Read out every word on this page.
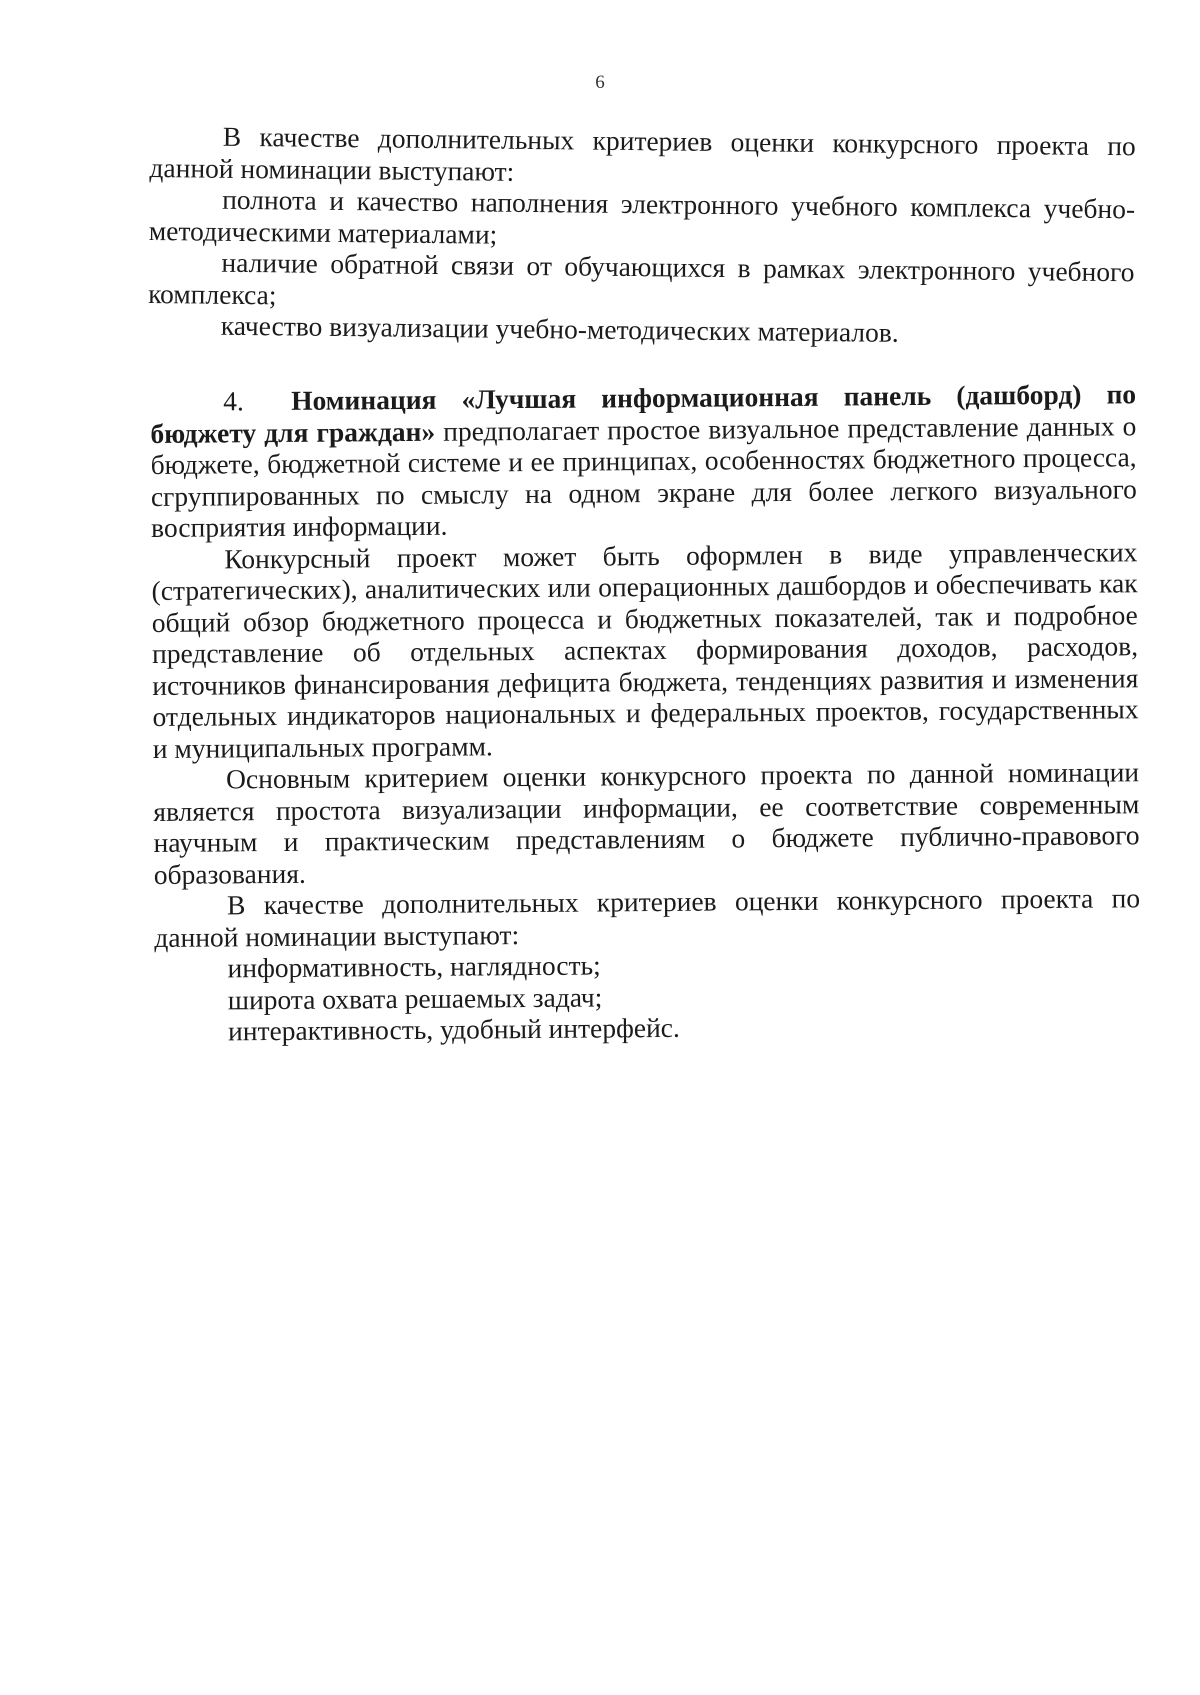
6

В качестве дополнительных критериев оценки конкурсного проекта по данной номинации выступают:

полнота и качество наполнения электронного учебного комплекса учебно-методическими материалами;

наличие обратной связи от обучающихся в рамках электронного учебного комплекса;

качество визуализации учебно-методических материалов.

4. Номинация «Лучшая информационная панель (дашборд) по бюджету для граждан» предполагает простое визуальное представление данных о бюджете, бюджетной системе и ее принципах, особенностях бюджетного процесса, сгруппированных по смыслу на одном экране для более легкого визуального восприятия информации.

Конкурсный проект может быть оформлен в виде управленческих (стратегических), аналитических или операционных дашбордов и обеспечивать как общий обзор бюджетного процесса и бюджетных показателей, так и подробное представление об отдельных аспектах формирования доходов, расходов, источников финансирования дефицита бюджета, тенденциях развития и изменения отдельных индикаторов национальных и федеральных проектов, государственных и муниципальных программ.

Основным критерием оценки конкурсного проекта по данной номинации является простота визуализации информации, ее соответствие современным научным и практическим представлениям о бюджете публично-правового образования.

В качестве дополнительных критериев оценки конкурсного проекта по данной номинации выступают:

информативность, наглядность;

широта охвата решаемых задач;

интерактивность, удобный интерфейс.
